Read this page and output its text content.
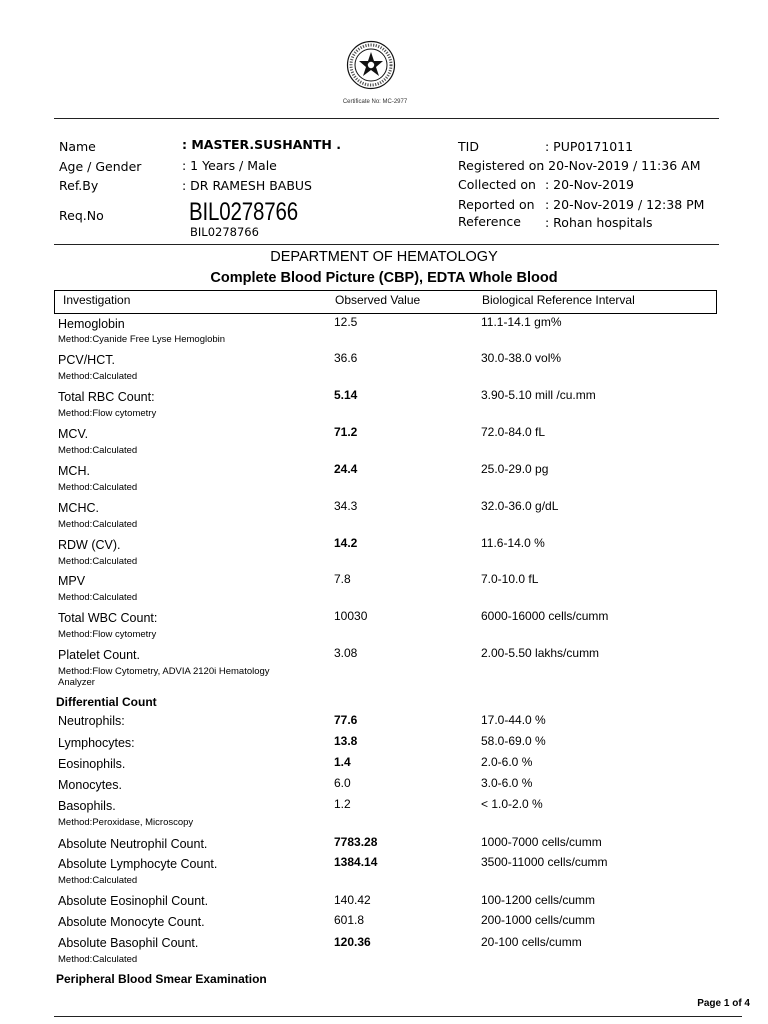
Certificate No: MC-2977
Name	: MASTER.SUSHANTH .
Age / Gender	: 1 Years / Male
Ref.By	: DR RAMESH BABUS
Req.No	BIL0278766
BIL0278766
TID	: PUP0171011
Registered on
: 20-Nov-2019 / 11:36 AM
Collected on : 20-Nov-2019
Reported on : 20-Nov-2019 / 12:38 PM
Reference : Rohan hospitals
DEPARTMENT OF HEMATOLOGY
Complete Blood Picture (CBP), EDTA Whole Blood
Investigation	Observed Value	Biological Reference Interval
Hemoglobin	12.5	11.1-14.1 gm%
Method:Cyanide Free Lyse Hemoglobin
PCV/HCT.	36.6	30.0-38.0 vol%
Method:Calculated
Total RBC Count:	5.14	3.90-5.10 mill /cu.mm
Method:Flow cytometry
MCV.	71.2	72.0-84.0 fL
Method:Calculated
MCH.	24.4	25.0-29.0 pg
Method:Calculated
MCHC.	34.3	32.0-36.0 g/dL
Method:Calculated
RDW (CV).	14.2	11.6-14.0 %
Method:Calculated
MPV	7.8	7.0-10.0 fL
Method:Calculated
Total WBC Count:	10030	6000-16000 cells/cumm
Method:Flow cytometry
Platelet Count.	3.08	2.00-5.50 lakhs/cumm
Method:Flow Cytometry, ADVIA 2120i Hematology
Analyzer
Differential Count
Neutrophils:	77.6	17.0-44.0 %
Lymphocytes:	13.8	58.0-69.0 %
Eosinophils.	1.4	2.0-6.0 %
Monocytes.	6.0	3.0-6.0 %
Basophils.	1.2	< 1.0-2.0 %
Method:Peroxidase, Microscopy
Absolute Neutrophil Count.	7783.28	1000-7000 cells/cumm
Absolute Lymphocyte Count.	1384.14	3500-11000 cells/cumm
Method:Calculated
Absolute Eosinophil Count.	140.42	100-1200 cells/cumm
Absolute Monocyte Count.	601.8	200-1000 cells/cumm
Absolute Basophil Count.	120.36	20-100 cells/cumm
Method:Calculated
Peripheral Blood Smear Examination
Page 1 of 4
